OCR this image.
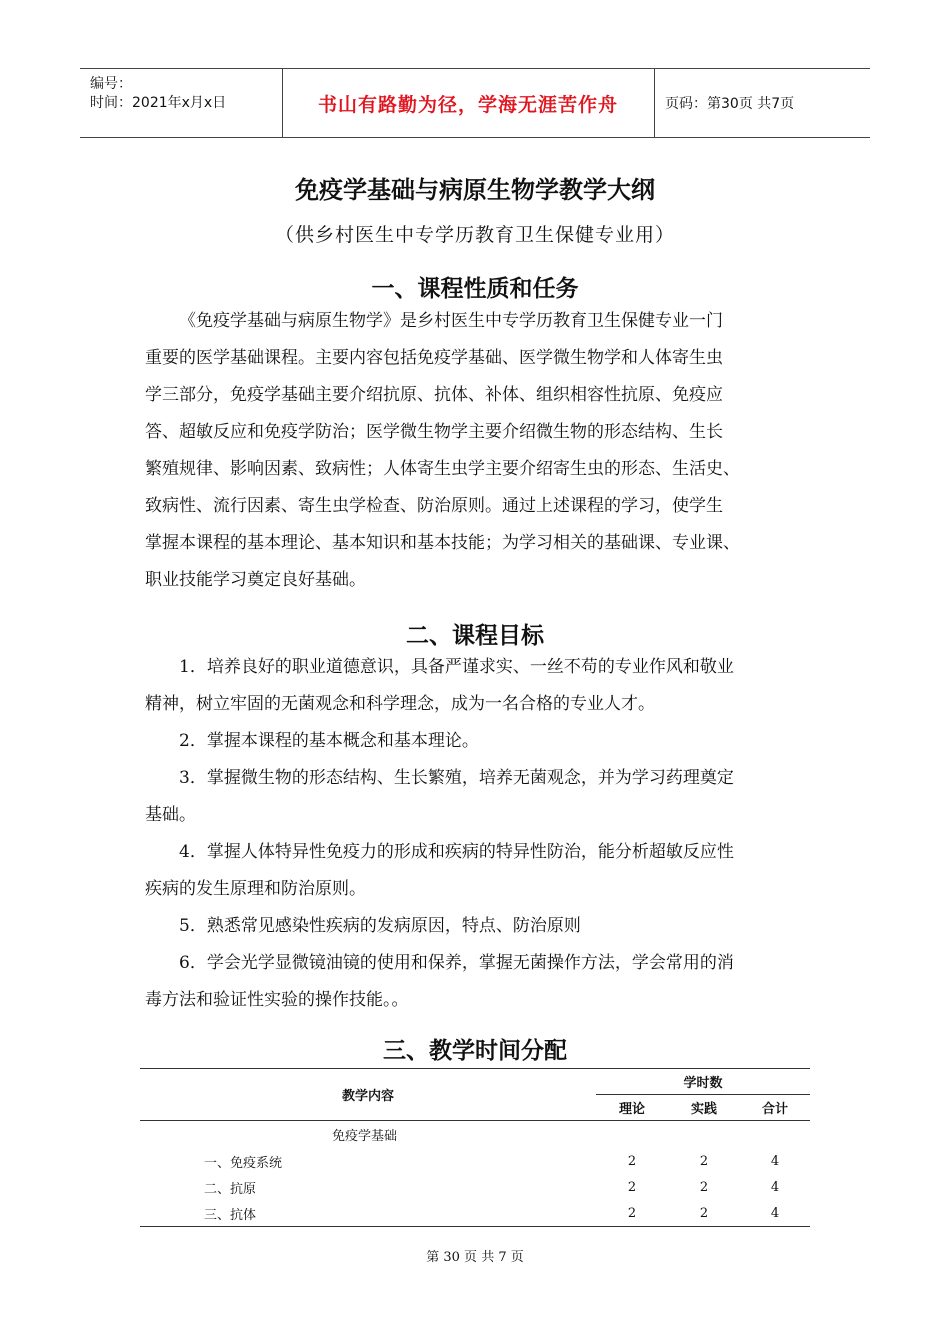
编号：
时间：2021年x月x日	书山有路勤为径，学海无涯苦作舟	页码：第30页 共7页
免疫学基础与病原生物学教学大纲
（供乡村医生中专学历教育卫生保健专业用）
一、课程性质和任务
《免疫学基础与病原生物学》是乡村医生中专学历教育卫生保健专业一门
重要的医学基础课程。主要内容包括免疫学基础、医学微生物学和人体寄生虫
学三部分，免疫学基础主要介绍抗原、抗体、补体、组织相容性抗原、免疫应
答、超敏反应和免疫学防治；医学微生物学主要介绍微生物的形态结构、生长
繁殖规律、影响因素、致病性；人体寄生虫学主要介绍寄生虫的形态、生活史、
致病性、流行因素、寄生虫学检查、防治原则。通过上述课程的学习，使学生
掌握本课程的基本理论、基本知识和基本技能；为学习相关的基础课、专业课、
职业技能学习奠定良好基础。
二、课程目标
1．培养良好的职业道德意识，具备严谨求实、一丝不苟的专业作风和敬业
精神，树立牢固的无菌观念和科学理念，成为一名合格的专业人才。
2．掌握本课程的基本概念和基本理论。
3．掌握微生物的形态结构、生长繁殖，培养无菌观念，并为学习药理奠定
基础。
4．掌握人体特异性免疫力的形成和疾病的特异性防治，能分析超敏反应性
疾病的发生原理和防治原则。
5．熟悉常见感染性疾病的发病原因，特点、防治原则
6．学会光学显微镜油镜的使用和保养，掌握无菌操作方法，学会常用的消
毒方法和验证性实验的操作技能。。
三、教学时间分配
教学内容	学时数		
	理论	实践	合计
免疫学基础			
一、免疫系统	2	2	4
二、抗原	2	2	4
三、抗体	2	2	4
第 30 页 共 7 页
